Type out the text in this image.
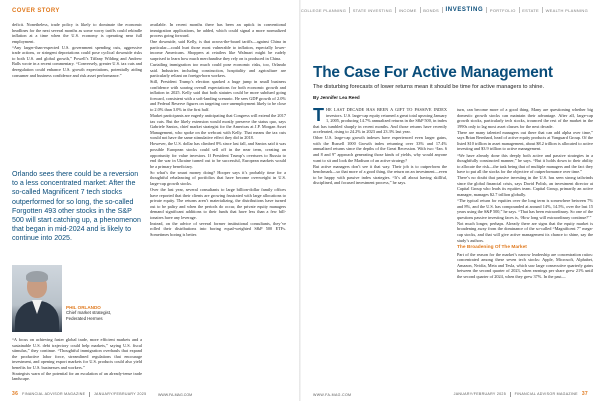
COVER STORY

deficit. Nonetheless, trade policy is likely to dominate the economic headlines for the next several months as some worry tariffs could rekindle inflation at a time when the U.S. economy is operating near full employment.

“Any larger-than-expected U.S. government spending cuts, aggressive trade actions, or stringent deportations could pose cyclical downside risks to both U.S. and global growth,” Powell’s Tiffany Wilding and Andrew Balls wrote in a recent commentary. “Conversely, greater U.S. tax cuts and deregulation could enhance U.S. growth expectations, potentially aiding consumer and business confidence and risk asset performance.”

Orlando sees there could be a reversion to a less concentrated market: After the so-called Magnificent 7 tech stocks outperformed for so long, the so-called Forgotten 493 other stocks in the S&P 500 will start catching up, a phenomenon that began in mid-2024 and is likely to continue into 2025.
PHIL ORLANDO
Chief market strategist,
Federated Hermes

“A focus on achieving faster global trade, more efficient markets and a sustainable U.S. debt trajectory could help markets,” saying U.S. fiscal stimulus,” they continue. “Thoughtful immigration overhauls that expand the productive labor force, streamlined regulations that encourage investment, and opening export markets for U.S. products could also yield benefits for U.S. businesses and workers.”

Strategists warn of the potential for an escalation of an already-tense trade landscape.

available. In recent months there has been an uptick in conventional immigration applications, he added, which could signal a more normalized process going forward.

One downside, said Kelly, is that across-the-board tariffs—against China in particular—could hurt those most vulnerable to inflation, especially lower-income Americans. Shoppers at retailers like Walmart might be rudely surprised to learn how much merchandise they rely on is produced in China.

Curtailing immigration too much could pose economic risks, too, Orlando said. Industries including construction, hospitality and agriculture are particularly reliant on foreign-born workers.

Still, President Trump’s election sparked a huge jump in small business confidence with soaring overall expectations for both economic growth and inflation in 2025. Kelly said that both statutes could be more subdued going forward, consistent with a soft-landing scenario. He sees GDP growth of 2.0% and Federal Reserve figures on targeting core unemployment likely to be close to 2.0% than 3.0% in the first half.

Market participants are eagerly anticipating that Congress will extend the 2017 tax cuts. But the likely extension would mostly preserve the status quo, says Gabriele Santos, chief market strategist for the Americas at J.P. Morgan Asset Management, who spoke on the webcast with Kelly. That means the tax cuts would not have the same stimulative effect they did in 2018.

However, the U.S. dollar has climbed 8% since last fall, and Santos said it was possible European stocks could sell off in the near term, creating an opportunity for value investors. If President Trump’s overtures to Russia to end the war in Ukraine turned out to be successful, European markets would be a primary beneficiary.

So what’s the smart money doing? Hooper says it’s probably time for a thoughtful rebalancing of portfolios that have become overweight in U.S. large-cap growth stocks.

Over the last year, several consultants to large billion-dollar family offices have reported that their clients are growing frustrated with large allocations to private equity. The returns aren’t materializing, the distributions have turned out to be paltry and when the periods do occur, the private equity managers demand significant additions to their funds that have less than a few bill-ionaires have any leverage.

Instead, on the advice of several former institutional consultants, they’ve rolled their distributions into boring equal-weighted S&P 500 ETFs. Sometimes boring is better.

36 FINANCIAL ADVISOR MAGAZINE JANUARY/FEBRUARY 2025	WWW.FA-MAG.COM
COLLEGE PLANNING STATE INVESTING INCOME BONDS INVESTING PORTFOLIO ESTATE WEALTH PLANNING
The Case For Active Management
The disturbing forecasts of lower returns mean it should be time for active managers to shine.
By Jennifer Lea Reed

THE LAST DECADE HAS BEEN A GIFT TO PASSIVE INDEX investors. U.S. large-cap equity returned a great total upswing January 1, 2005, producing 14.7% annualized returns in the S&P 500, in index that has tumbled sharply in recent months. And those returns have recently accelerated, rising to 24.2% in 2023 and 23.3% last year.

Other U.S. large-cap growth indexes have experienced even larger gains, with the Russell 1000 Growth index returning over 33% and 17.4% annualized returns since the depths of the Great Recession. With two “Jan. 6 and 8 and 9” approach generating those kinds of yields, why would anyone want to sit and look the Madison of an active strategy?

But active managers don’t see it that way. Their job is to outperform the benchmark—so that more of a good thing, the return on an investment—even to be happy with passive index strategies. “It’s all about having skillful, disciplined, and focused investment process,” he says.

turn, can become more of a good thing. Many are questioning whether big domestic growth stocks can maintain their advantage. After all, large-cap growth stocks, particularly tech stocks, trounced the rest of the market in the 1990s only to lag most asset classes for the next decade.

There are many talented managers out there that can add alpha over time,” says Brian Bernhard, head of active equity products at Vanguard Group. Of the listed $10 trillion in asset management, about $8.2 trillion is allocated to active investing and $3.9 trillion to active management.

“We have already done this deeply both active and passive strategies in a thoughtfully constructed manner,” he says. “But it holds down to their ability to allocate the risk—the task being that of multiple managers and the fact they have to put all the stocks for the objective of outperformance over time.”

There’s no doubt that passive investing in the U.S. has seen strong tailwinds since the global financial crisis, says David Polish, an investment director at Capital Group who leads its equities team. Capital Group, primarily an active manager, manages $2.7 trillion globally.

“The typical return for equities over the long term is somewhere between 7% and 8%, and the U.S. has compounded at around 14%, 14.5%, over the last 15 years using the S&P 500,” he says. “That has been extraordinary. So one of the questions passive investing faces is, ‘How long will extraordinary continue?’”

Not much longer, perhaps. Already there are signs that the equity market is broadening away from the dominance of the so-called “Magnificent 7” mega-cap stocks, and that will give active management its chance to shine, say the study’s authors.

The Broadening Of The Market

Part of the reason for the market’s narrow leadership are concentration ratios: concentrated among these seven tech stocks: Apple, Microsoft, Alphabet, Amazon, Nvidia, Meta and Tesla, which saw large consecutive quarterly gains between the second quarter of 2023, when earnings per share grew 21% until the second quarter of 2024, when they grew 37%. In the past—

WWW.FA-MAG.COM	JANUARY/FEBRUARY 2025 FINANCIAL ADVISOR MAGAZINE 37
